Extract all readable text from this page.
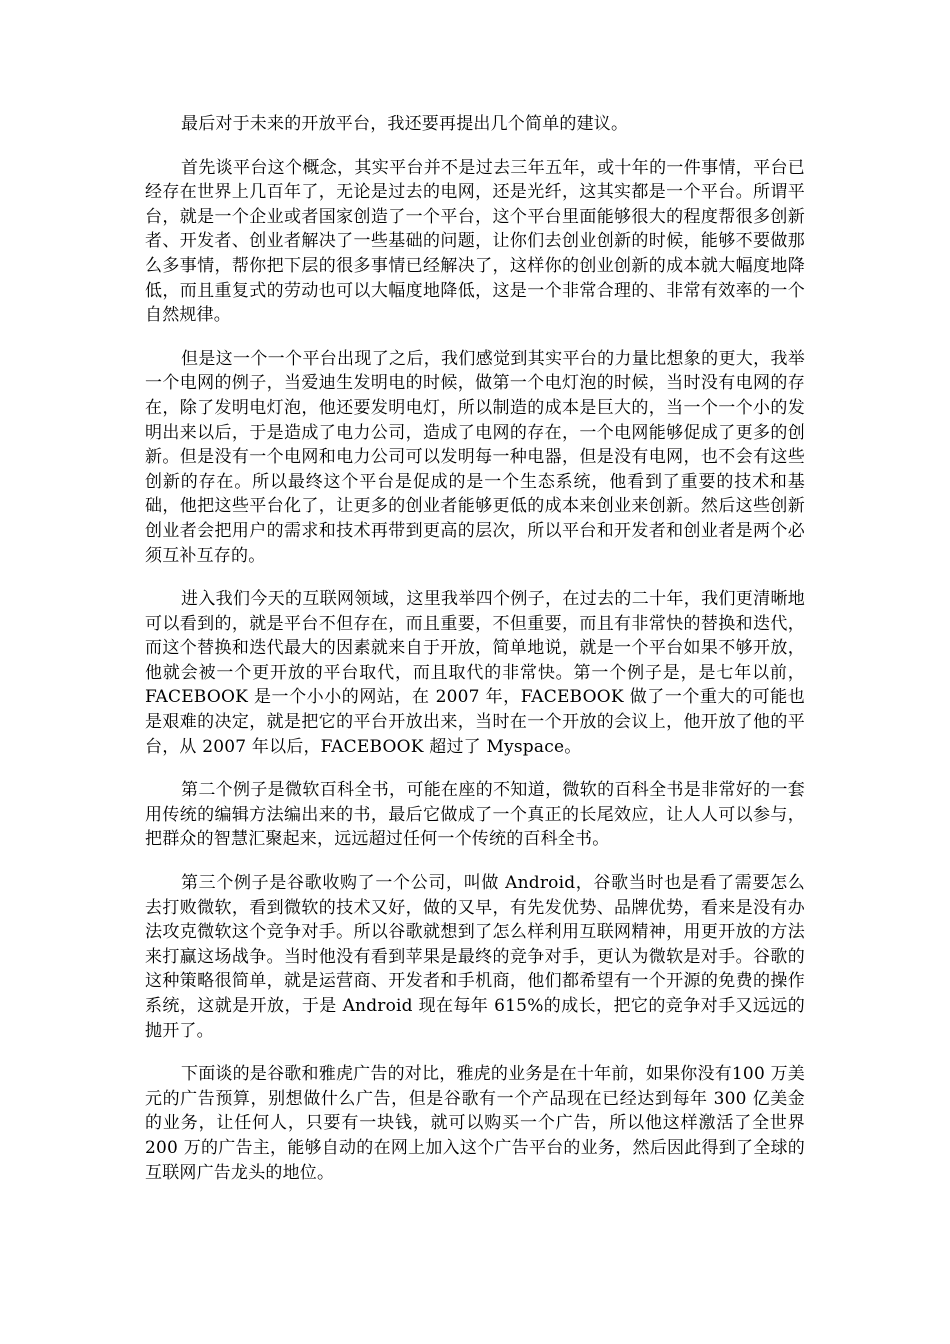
最后对于未来的开放平台，我还要再提出几个简单的建议。

首先谈平台这个概念，其实平台并不是过去三年五年，或十年的一件事情，平台已经存在世界上几百年了，无论是过去的电网，还是光纤，这其实都是一个平台。所谓平台，就是一个企业或者国家创造了一个平台，这个平台里面能够很大的程度帮很多创新者、开发者、创业者解决了一些基础的问题，让你们去创业创新的时候，能够不要做那么多事情，帮你把下层的很多事情已经解决了，这样你的创业创新的成本就大幅度地降低，而且重复式的劳动也可以大幅度地降低，这是一个非常合理的、非常有效率的一个自然规律。

但是这一个一个平台出现了之后，我们感觉到其实平台的力量比想象的更大，我举一个电网的例子，当爱迪生发明电的时候，做第一个电灯泡的时候，当时没有电网的存在，除了发明电灯泡，他还要发明电灯，所以制造的成本是巨大的，当一个一个小的发明出来以后，于是造成了电力公司，造成了电网的存在，一个电网能够促成了更多的创新。但是没有一个电网和电力公司可以发明每一种电器，但是没有电网，也不会有这些创新的存在。所以最终这个平台是促成的是一个生态系统，他看到了重要的技术和基础，他把这些平台化了，让更多的创业者能够更低的成本来创业来创新。然后这些创新创业者会把用户的需求和技术再带到更高的层次，所以平台和开发者和创业者是两个必须互补互存的。

进入我们今天的互联网领域，这里我举四个例子，在过去的二十年，我们更清晰地可以看到的，就是平台不但存在，而且重要，不但重要，而且有非常快的替换和迭代，而这个替换和迭代最大的因素就来自于开放，简单地说，就是一个平台如果不够开放，他就会被一个更开放的平台取代，而且取代的非常快。第一个例子是，是七年以前，FACEBOOK 是一个小小的网站，在 2007 年，FACEBOOK 做了一个重大的可能也是艰难的决定，就是把它的平台开放出来，当时在一个开放的会议上，他开放了他的平台，从 2007 年以后，FACEBOOK 超过了 Myspace。

第二个例子是微软百科全书，可能在座的不知道，微软的百科全书是非常好的一套用传统的编辑方法编出来的书，最后它做成了一个真正的长尾效应，让人人可以参与，把群众的智慧汇聚起来，远远超过任何一个传统的百科全书。

第三个例子是谷歌收购了一个公司，叫做 Android，谷歌当时也是看了需要怎么去打败微软，看到微软的技术又好，做的又早，有先发优势、品牌优势，看来是没有办法攻克微软这个竞争对手。所以谷歌就想到了怎么样利用互联网精神，用更开放的方法来打赢这场战争。当时他没有看到苹果是最终的竞争对手，更认为微软是对手。谷歌的这种策略很简单，就是运营商、开发者和手机商，他们都希望有一个开源的免费的操作系统，这就是开放，于是 Android 现在每年 615%的成长，把它的竞争对手又远远的抛开了。

下面谈的是谷歌和雅虎广告的对比，雅虎的业务是在十年前，如果你没有100 万美元的广告预算，别想做什么广告，但是谷歌有一个产品现在已经达到每年 300 亿美金的业务，让任何人，只要有一块钱，就可以购买一个广告，所以他这样激活了全世界 200 万的广告主，能够自动的在网上加入这个广告平台的业务，然后因此得到了全球的互联网广告龙头的地位。
